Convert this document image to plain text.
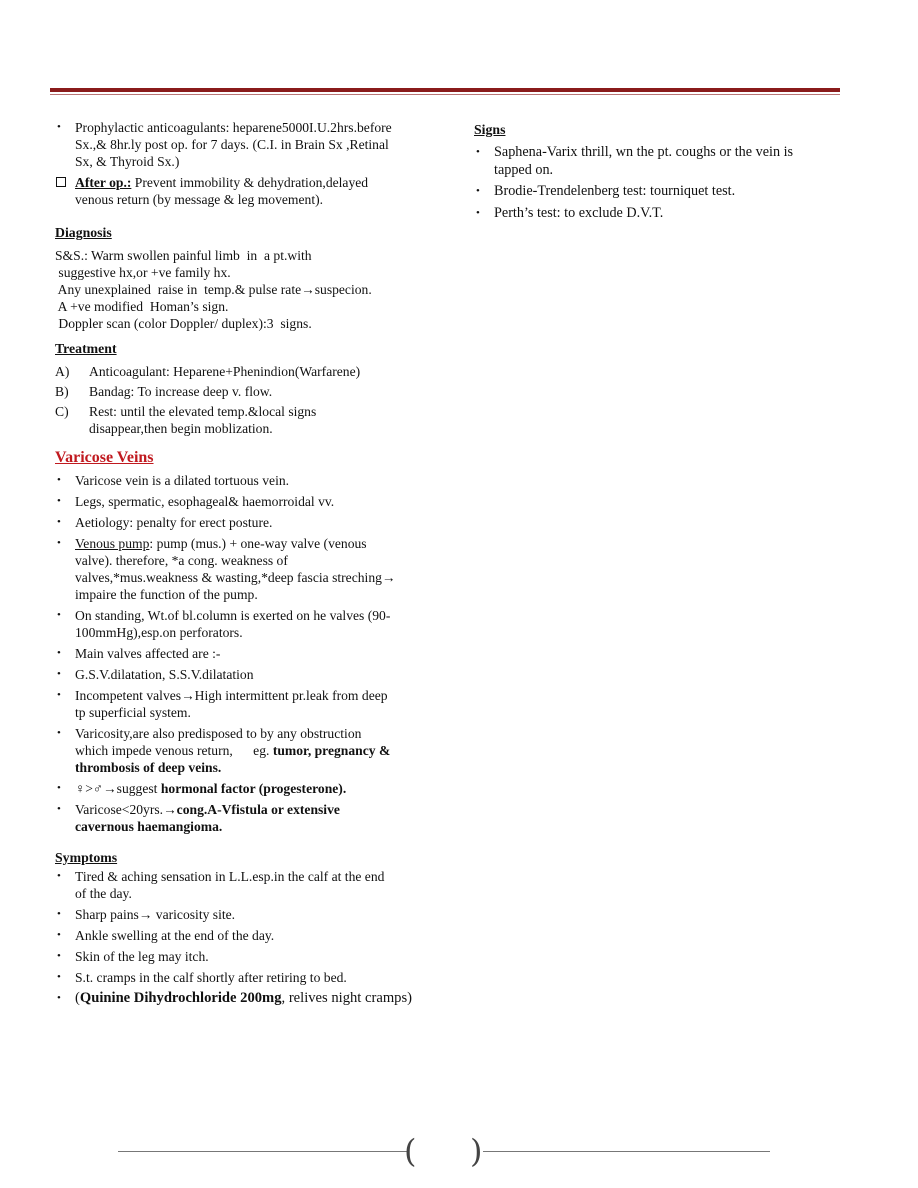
• Prophylactic anticoagulants: heparene5000I.U.2hrs.before
Sx.,& 8hr.ly post op. for 7 days. (C.I. in Brain Sx ,Retinal
Sx, & Thyroid Sx.)
After op.: Prevent immobility & dehydration,delayed
venous return (by message & leg movement).
Diagnosis
S&S.: Warm swollen painful limb  in  a pt.with
suggestive hx,or +ve family hx.
Any unexplained  raise in  temp.& pulse rate→suspecion.
A +ve modified  Homan’s sign.
Doppler scan (color Doppler/ duplex):3  signs.
Treatment
A) Anticoagulant: Heparene+Phenindion(Warfarene)
B) Bandag: To increase deep v. flow.
C) Rest: until the elevated temp.&local signs
disappear,then begin moblization.
Varicose Veins
• Varicose vein is a dilated tortuous vein.
• Legs, spermatic, esophageal& haemorroidal vv.
• Aetiology: penalty for erect posture.
• Venous pump: pump (mus.) + one-way valve (venous
valve). therefore, *a cong. weakness of
valves,*mus.weakness & wasting,*deep fascia streching→
impaire the function of the pump.
• On standing, Wt.of bl.column is exerted on he valves (90-
100mmHg),esp.on perforators.
• Main valves affected are :-
• G.S.V.dilatation, S.S.V.dilatation
• Incompetent valves→High intermittent pr.leak from deep
tp superficial system.
• Varicosity,are also predisposed to by any obstruction
which impede venous return,      eg. tumor, pregnancy &
thrombosis of deep veins.
• ♀>♂→suggest hormonal factor (progesterone).
• Varicose<20yrs.→cong.A-Vfistula or extensive
cavernous haemangioma.
Symptoms
• Tired & aching sensation in L.L.esp.in the calf at the end
of the day.
• Sharp pains→ varicosity site.
• Ankle swelling at the end of the day.
• Skin of the leg may itch.
• S.t. cramps in the calf shortly after retiring to bed.
• (Quinine Dihydrochloride 200mg, relives night cramps)
Signs
• Saphena-Varix thrill, wn the pt. coughs or the vein is
tapped on.
• Brodie-Trendelenberg test: tourniquet test.
• Perth’s test: to exclude D.V.T.
( )
